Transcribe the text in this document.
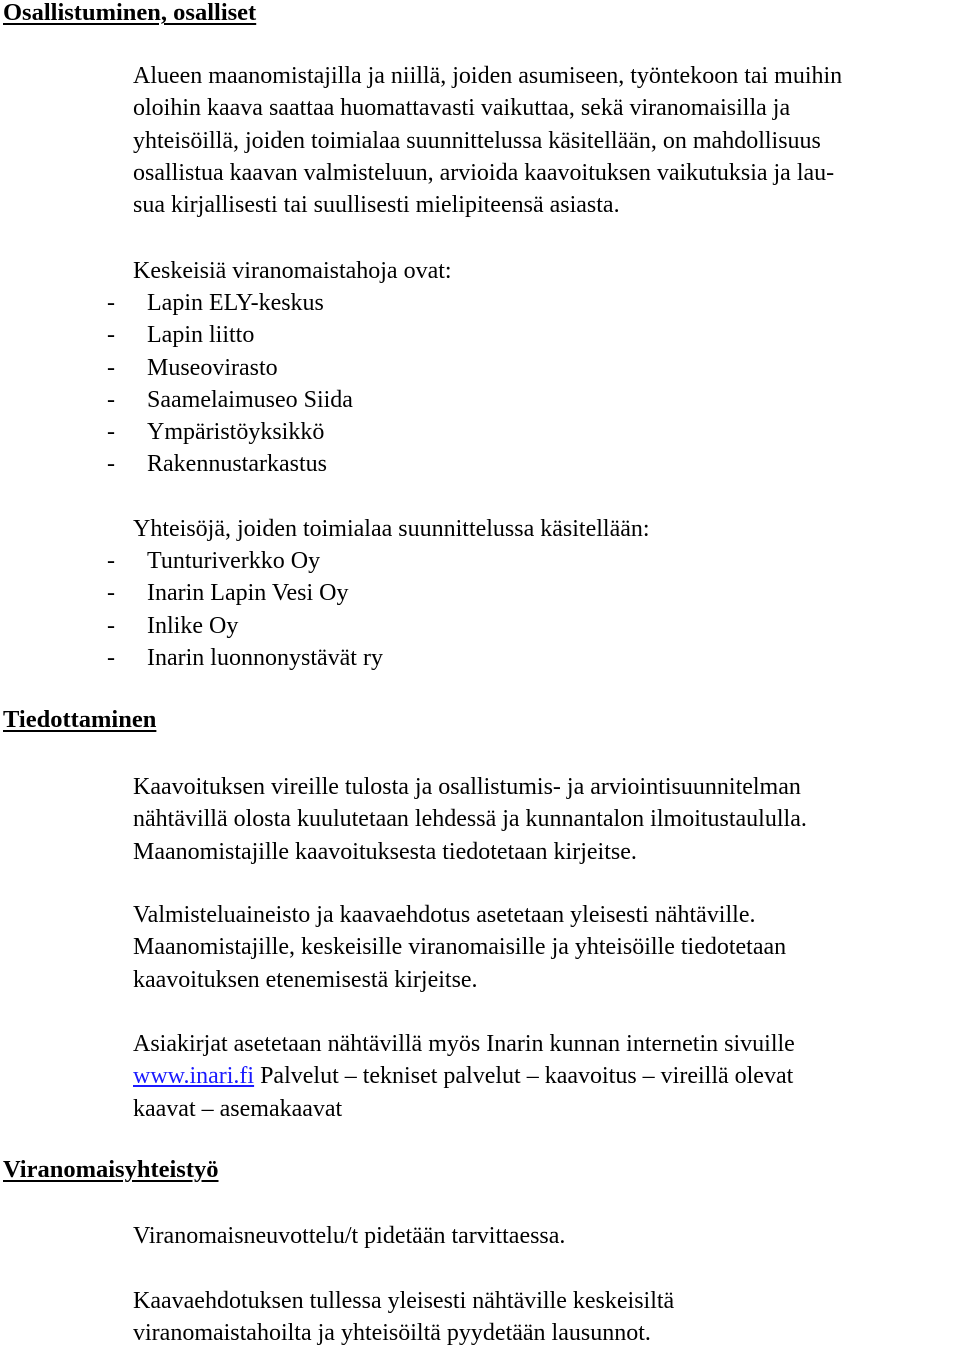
Osallistuminen, osalliset

Alueen maanomistajilla ja niillä, joiden asumiseen, työntekoon tai muihin
oloihin kaava saattaa huomattavasti vaikuttaa, sekä viranomaisilla ja
yhteisöillä, joiden toimialaa suunnittelussa käsitellään, on mahdollisuus
osallistua kaavan valmisteluun, arvioida kaavoituksen vaikutuksia ja lau-
sua kirjallisesti tai suullisesti mielipiteensä asiasta.

Keskeisiä viranomaistahoja ovat:

- Lapin ELY-keskus
- Lapin liitto
- Museovirasto
- Saamelaimuseo Siida
- Ympäristöyksikkö
- Rakennustarkastus

Yhteisöjä, joiden toimialaa suunnittelussa käsitellään:

- Tunturiverkko Oy
- Inarin Lapin Vesi Oy
- Inlike Oy
- Inarin luonnonystävät ry
Tiedottaminen

Kaavoituksen vireille tulosta ja osallistumis- ja arviointisuunnitelman
nähtävillä olosta kuulutetaan lehdessä ja kunnantalon ilmoitustaululla.
Maanomistajille kaavoituksesta tiedotetaan kirjeitse.

Valmisteluaineisto ja kaavaehdotus asetetaan yleisesti nähtäville.
Maanomistajille, keskeisille viranomaisille ja yhteisöille tiedotetaan
kaavoituksen etenemisestä kirjeitse.

Asiakirjat asetetaan nähtävillä myös Inarin kunnan internetin sivuille
www.inari.fi Palvelut – tekniset palvelut – kaavoitus – vireillä olevat
kaavat – asemakaavat

Viranomaisyhteistyö

Viranomaisneuvottelu/t pidetään tarvittaessa.

Kaavaehdotuksen tullessa yleisesti nähtäville keskeisiltä
viranomaistahoilta ja yhteisöiltä pyydetään lausunnot.
